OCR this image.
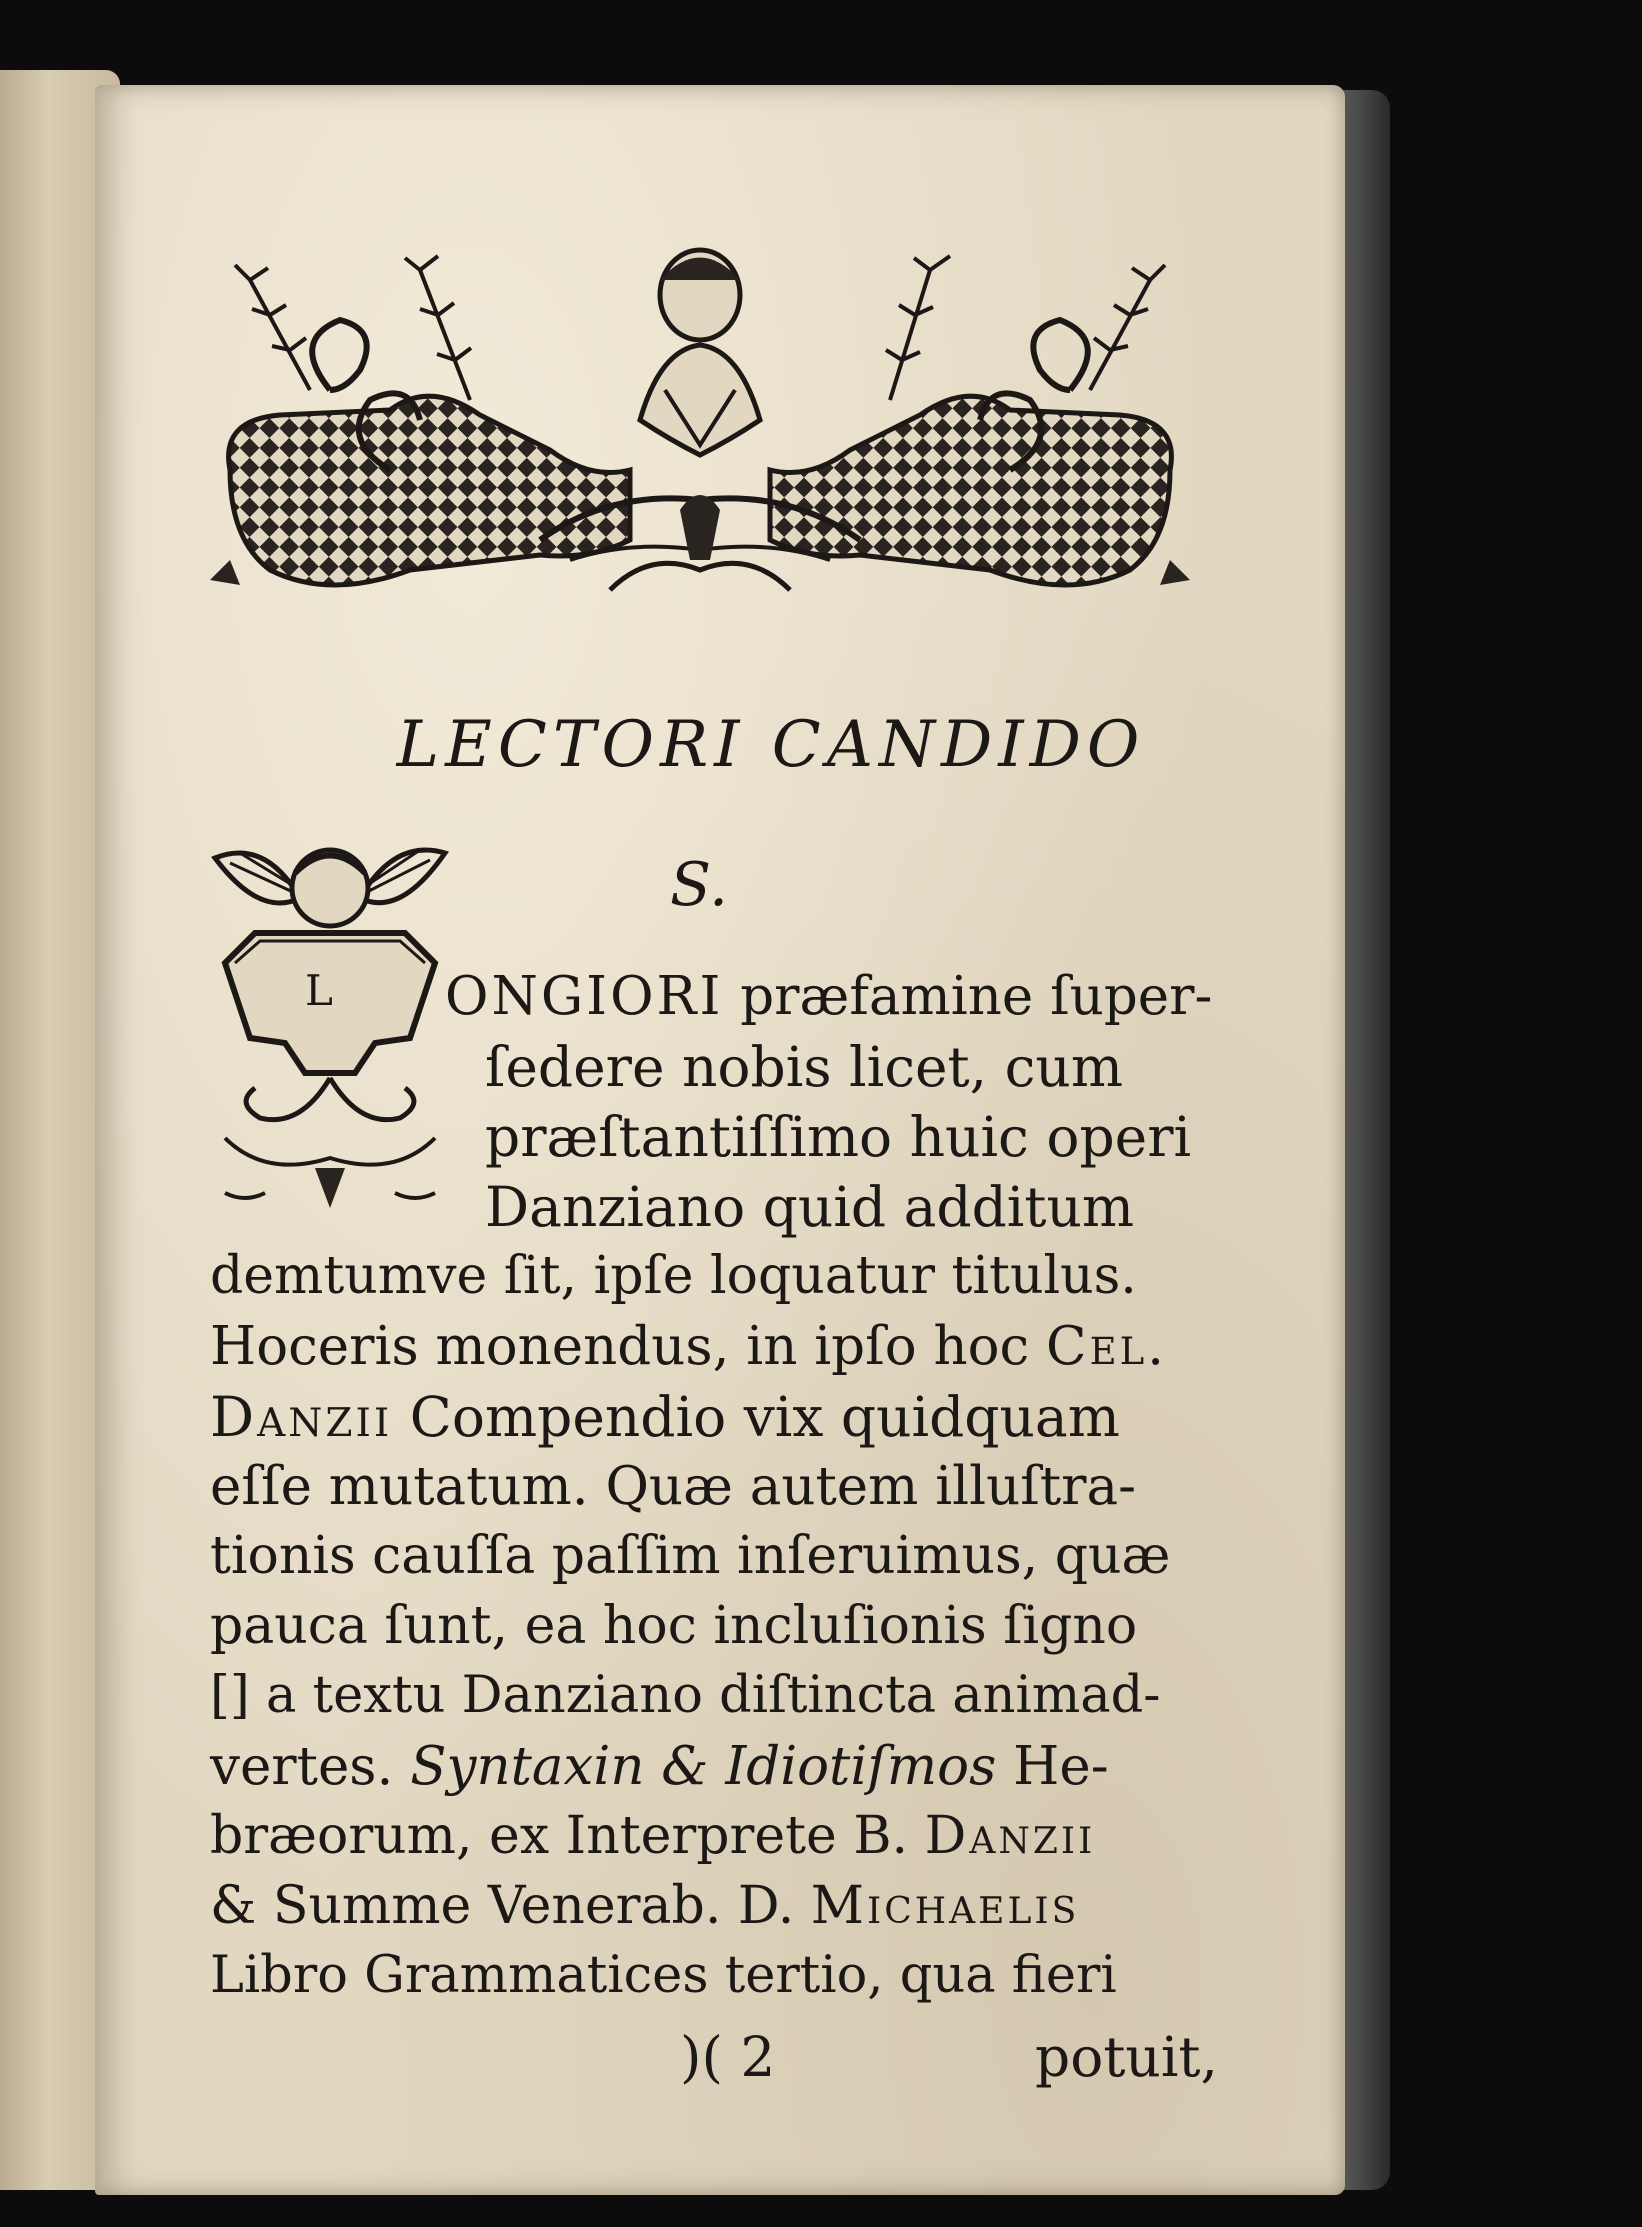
LECTORI CANDIDO
S.
L ONGIORI præfamine ſuper-
ſedere nobis licet, cum
præſtantiſſimo huic operi
Danziano quid additum
demtumve ſit, ipſe loquatur titulus.
Hoceris monendus, in ipſo hoc Cel.
Danzii Compendio vix quidquam
eſſe mutatum. Quæ autem illuſtra-
tionis cauſſa paſſim inſeruimus, quæ
pauca ſunt, ea hoc incluſionis ſigno
[] a textu Danziano diſtincta animad-
vertes. Syntaxin & Idiotiſmos He-
bræorum, ex Interprete B. Danzii
& Summe Venerab. D. Michaelis
Libro Grammatices tertio, qua fieri
)( 2	potuit,
